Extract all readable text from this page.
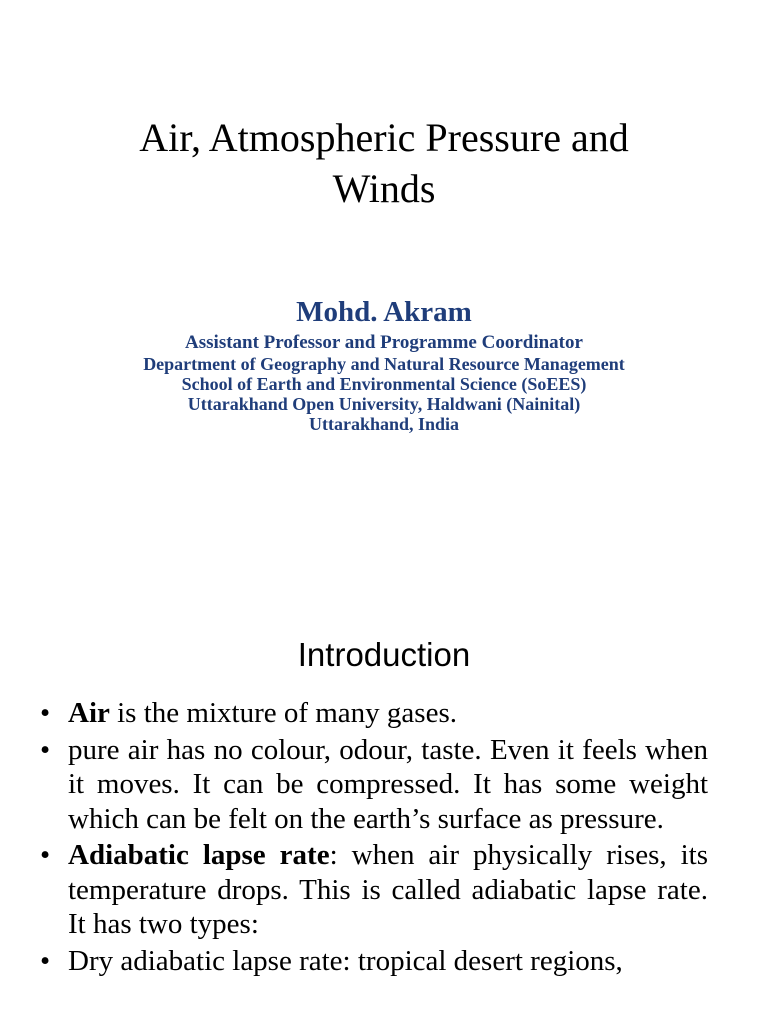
Air, Atmospheric Pressure and
Winds
Mohd. Akram
Assistant Professor and Programme Coordinator
Department of Geography and Natural Resource Management
School of Earth and Environmental Science (SoEES)
Uttarakhand Open University, Haldwani (Nainital)
Uttarakhand, India
Introduction
• Air is the mixture of many gases.
• pure air has no colour, odour, taste. Even it feels when it moves. It can be compressed. It has some weight which can be felt on the earth’s surface as pressure.
• Adiabatic lapse rate: when air physically rises, its temperature drops. This is called adiabatic lapse rate. It has two types:
• Dry adiabatic lapse rate: tropical desert regions,
